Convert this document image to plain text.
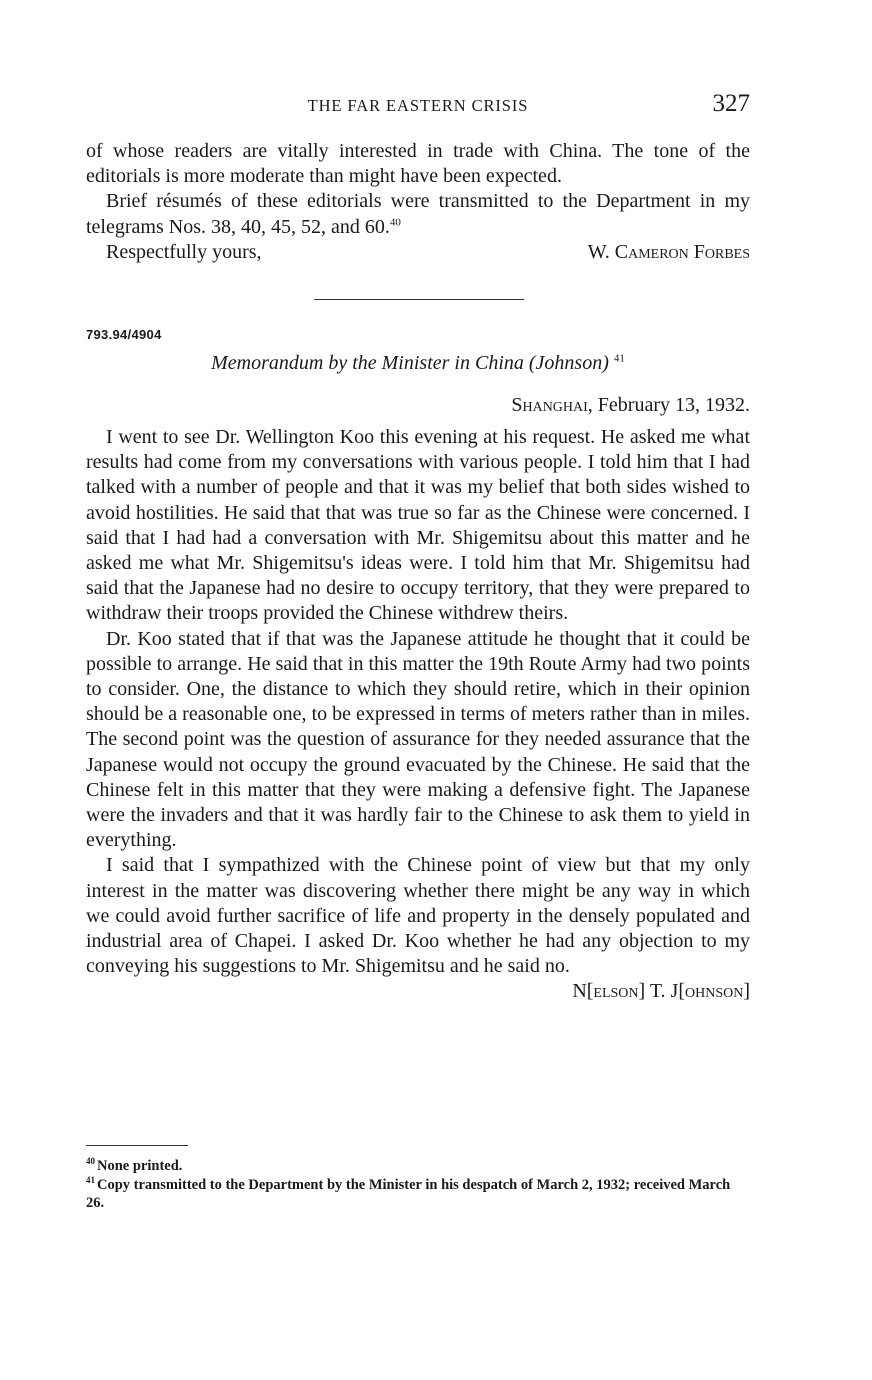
THE FAR EASTERN CRISIS	327

of whose readers are vitally interested in trade with China. The tone of the editorials is more moderate than might have been expected.

Brief résumés of these editorials were transmitted to the Department in my telegrams Nos. 38, 40, 45, 52, and 60.40

Respectfully yours,	W. Cameron Forbes
793.94/4904
Memorandum by the Minister in China (Johnson) $^{41}$
Shanghai, February 13, 1932.

I went to see Dr. Wellington Koo this evening at his request. He asked me what results had come from my conversations with various people. I told him that I had talked with a number of people and that it was my belief that both sides wished to avoid hostilities. He said that that was true so far as the Chinese were concerned. I said that I had had a conversation with Mr. Shigemitsu about this matter and he asked me what Mr. Shigemitsu's ideas were. I told him that Mr. Shigemitsu had said that the Japanese had no desire to occupy territory, that they were prepared to withdraw their troops provided the Chinese withdrew theirs.

Dr. Koo stated that if that was the Japanese attitude he thought that it could be possible to arrange. He said that in this matter the 19th Route Army had two points to consider. One, the distance to which they should retire, which in their opinion should be a reasonable one, to be expressed in terms of meters rather than in miles. The second point was the question of assurance for they needed assurance that the Japanese would not occupy the ground evacuated by the Chinese. He said that the Chinese felt in this matter that they were making a defensive fight. The Japanese were the invaders and that it was hardly fair to the Chinese to ask them to yield in everything.

I said that I sympathized with the Chinese point of view but that my only interest in the matter was discovering whether there might be any way in which we could avoid further sacrifice of life and property in the densely populated and industrial area of Chapei. I asked Dr. Koo whether he had any objection to my conveying his suggestions to Mr. Shigemitsu and he said no.

N[elson] T. J[ohnson]

$^{40}$ None printed.

$^{41}$ Copy transmitted to the Department by the Minister in his despatch of March 2, 1932; received March 26.
